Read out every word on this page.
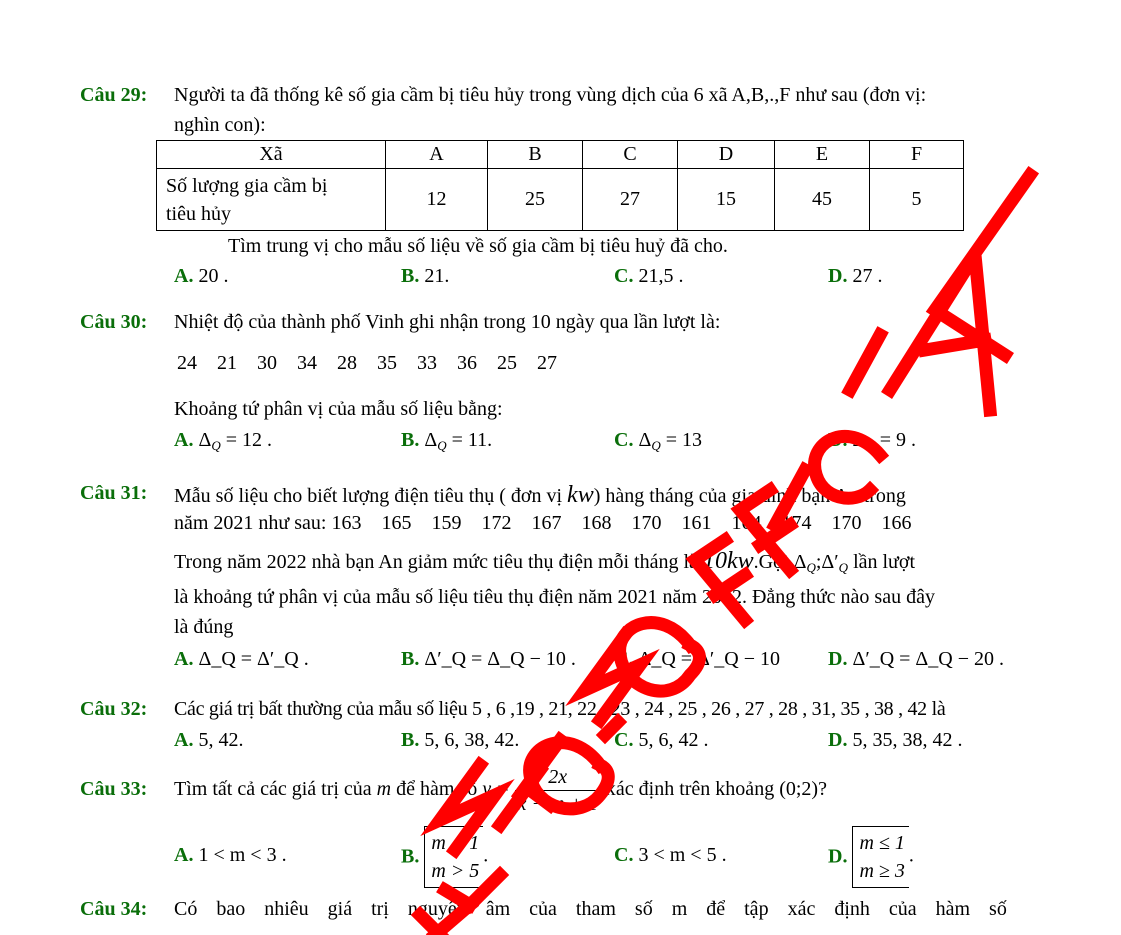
Câu 29: Người ta đã thống kê số gia cầm bị tiêu hủy trong vùng dịch của 6 xã A,B,.,F như sau (đơn vị:
nghìn con):
Xã	A	B	C	D	E	F
Số lượng gia cầm bị
tiêu hủy	12	25	27	15	45	5
Tìm trung vị cho mẫu số liệu về số gia cầm bị tiêu huỷ đã cho.
A. 20 .	B. 21.	C. 21,5 .	D. 27 .
Câu 30: Nhiệt độ của thành phố Vinh ghi nhận trong 10 ngày qua lần lượt là:
24    21    30    34    28    35    33    36    25    27
Khoảng tứ phân vị của mẫu số liệu bằng:
A. $\Delta_Q = 12$ .	B. $\Delta_Q = 11$.	C. $\Delta_Q = 13$	D. $\Delta_Q = 9$ .
Câu 31: Mẫu số liệu cho biết lượng điện tiêu thụ ( đơn vị kw) hàng tháng của gia đình bạn An trong
năm 2021 như sau: 163    165    159    172    167    168    170    161    164    174    170    166
Trong năm 2022 nhà bạn An giảm mức tiêu thụ điện mỗi tháng là 10kw.Gọi $\Delta_Q;\Delta'_Q$ lần lượt
là khoảng tứ phân vị của mẫu số liệu tiêu thụ điện năm 2021 năm 2022. Đẳng thức nào sau đây
là đúng
A. Δ_Q = Δ′_Q .	B. Δ′_Q = Δ_Q − 10 . C. Δ_Q = Δ′_Q − 10 D. Δ′_Q = Δ_Q − 20 .
Câu 32: Các giá trị bất thường của mẫu số liệu 5 , 6 ,19 , 21, 22 , 23 , 24 , 25 , 26 , 27 , 28 , 31, 35 , 38 , 42 là
A. 5, 42.	B. 5, 6, 38, 42.	C. 5, 6, 42 .	D. 5, 35, 38, 42 .
Câu 33: Tìm tất cả các giá trị của m để hàm số $y = \frac{2x}{x - m + 1}$ xác định trên khoảng (0;2)?
A. 1 < m < 3 .	B. m < 1
m > 5.	C. 3 < m < 5 .	D. m ≤ 1
m ≥ 3.
Câu 34: Có bao nhiêu giá trị nguyên âm của tham số m để tập xác định của hàm số
